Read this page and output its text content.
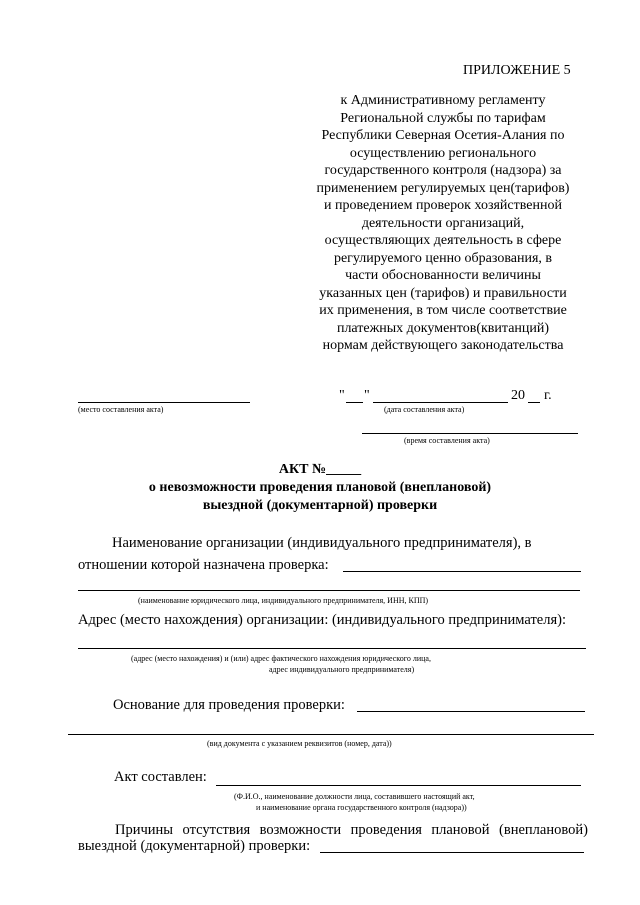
ПРИЛОЖЕНИЕ 5
к Административному регламенту
Региональной службы по тарифам
Республики Северная Осетия-Алания по
осуществлению регионального
государственного контроля (надзора) за
применением регулируемых цен(тарифов)
и проведением проверок хозяйственной
деятельности организаций,
осуществляющих деятельность в сфере
регулируемого ценно образования, в
части обоснованности величины
указанных цен (тарифов) и правильности
их применения, в том числе соответствие
платежных документов(квитанций)
нормам действующего законодательства
(место составления акта)
" "	20 г.
(дата составления акта)
(время составления акта)
АКТ №_____
о невозможности проведения плановой (внеплановой)
выездной (документарной) проверки
Наименование организации (индивидуального предпринимателя), в
отношении которой назначена проверка:
(наименование юридического лица, индивидуального предпринимателя, ИНН, КПП)
Адрес (место нахождения) организации: (индивидуального предпринимателя):
(адрес (место нахождения) и (или) адрес фактического нахождения юридического лица,
адрес индивидуального предпринимателя)
Основание для проведения проверки:
(вид документа с указанием реквизитов (номер, дата))
Акт составлен:
(Ф.И.О., наименование должности лица, составившего настоящий акт,
и наименование органа государственного контроля (надзора))
Причины отсутствия возможности проведения плановой (внеплановой)
выездной (документарной) проверки:
